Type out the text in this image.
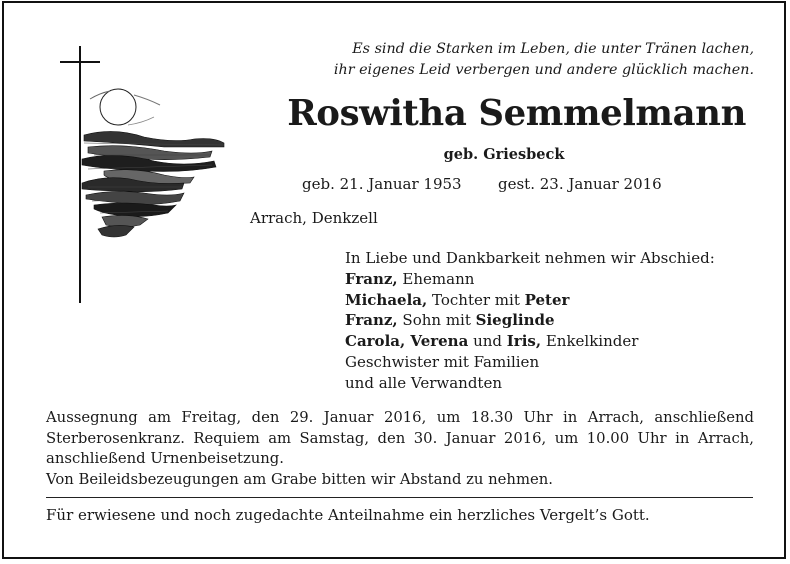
Es sind die Starken im Leben, die unter Tränen lachen,
ihr eigenes Leid verbergen und andere glücklich machen.
Roswitha Semmelmann
geb. Griesbeck
geb. 21. Januar 1953 gest. 23. Januar 2016
Arrach, Denkzell
In Liebe und Dankbarkeit nehmen wir Abschied:
Franz, Ehemann
Michaela, Tochter mit Peter
Franz, Sohn mit Sieglinde
Carola, Verena und Iris, Enkelkinder
Geschwister mit Familien
und alle Verwandten
Aussegnung am Freitag, den 29. Januar 2016, um 18.30 Uhr in Arrach, anschließend Sterberosenkranz. Requiem am Samstag, den 30. Januar 2016, um 10.00 Uhr in Arrach, anschließend Urnenbeisetzung.
Von Beileidsbezeugungen am Grabe bitten wir Abstand zu nehmen.
Für erwiesene und noch zugedachte Anteilnahme ein herzliches Vergelt’s Gott.
